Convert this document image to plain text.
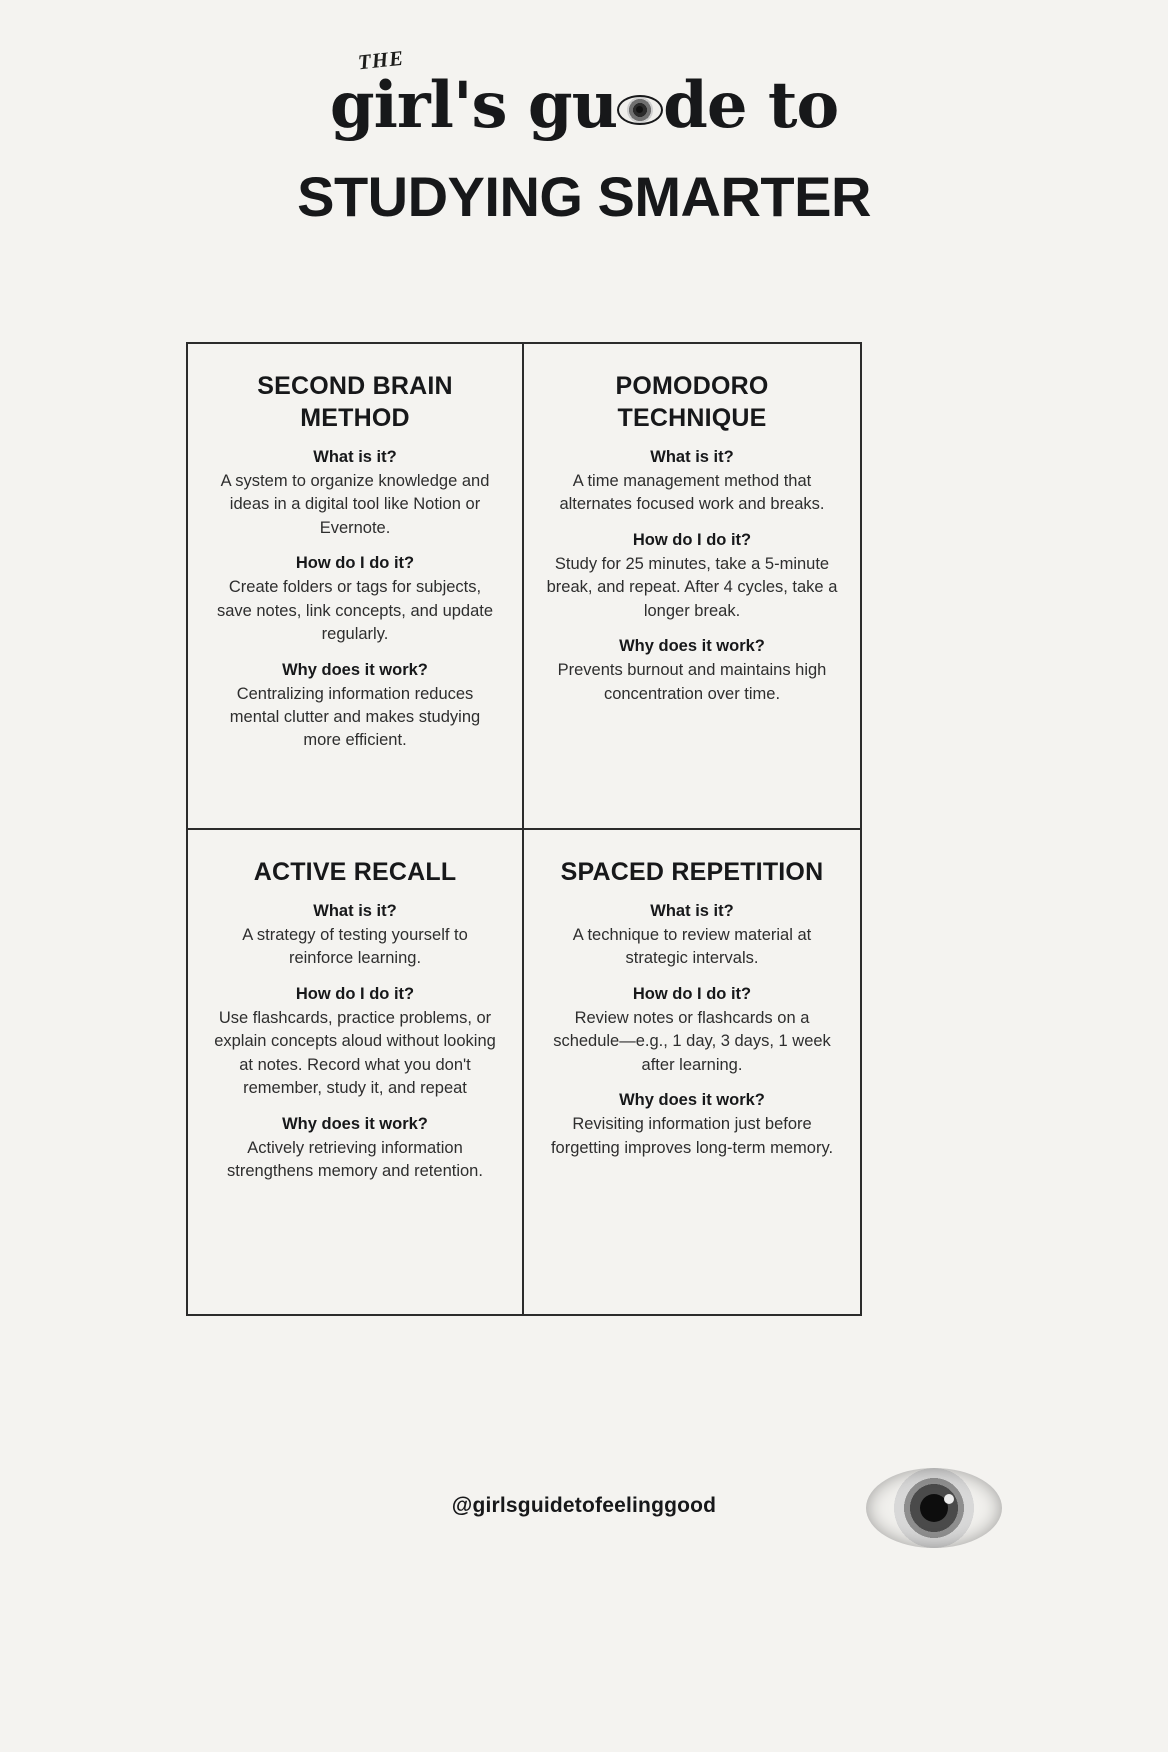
THE
girl's gu de to
STUDYING SMARTER
SECOND BRAIN METHOD
What is it?
A system to organize knowledge and ideas in a digital tool like Notion or Evernote.
How do I do it?
Create folders or tags for subjects, save notes, link concepts, and update regularly.
Why does it work?
Centralizing information reduces mental clutter and makes studying more efficient.
POMODORO TECHNIQUE
What is it?
A time management method that alternates focused work and breaks.
How do I do it?
Study for 25 minutes, take a 5-minute break, and repeat. After 4 cycles, take a longer break.
Why does it work?
Prevents burnout and maintains high concentration over time.
ACTIVE RECALL
What is it?
A strategy of testing yourself to reinforce learning.
How do I do it?
Use flashcards, practice problems, or explain concepts aloud without looking at notes. Record what you don't remember, study it, and repeat
Why does it work?
Actively retrieving information strengthens memory and retention.
SPACED REPETITION
What is it?
A technique to review material at strategic intervals.
How do I do it?
Review notes or flashcards on a schedule—e.g., 1 day, 3 days, 1 week after learning.
Why does it work?
Revisiting information just before forgetting improves long-term memory.
@girlsguidetofeelinggood
